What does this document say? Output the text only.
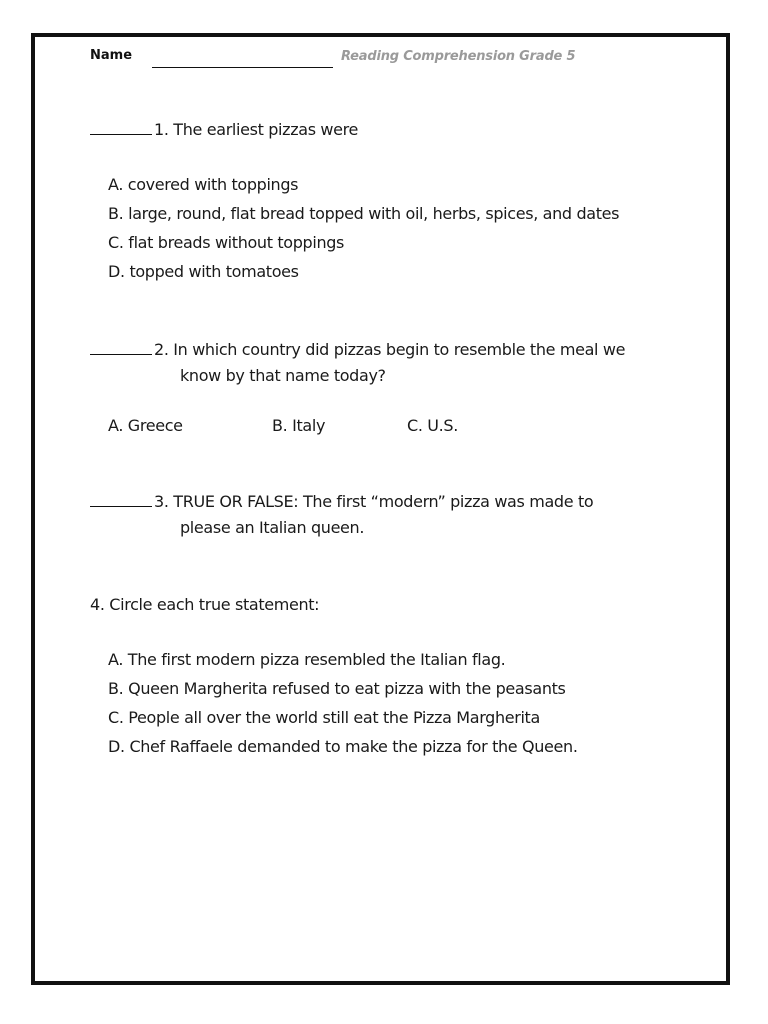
Name	Reading Comprehension Grade 5
1. The earliest pizzas were
A. covered with toppings
B. large, round, flat bread topped with oil, herbs, spices, and dates
C. flat breads without toppings
D. topped with tomatoes
2. In which country did pizzas begin to resemble the meal we
know by that name today?
A. Greece	B. Italy	C. U.S.
3. TRUE OR FALSE: The first “modern” pizza was made to
please an Italian queen.
4. Circle each true statement:
A. The first modern pizza resembled the Italian flag.
B. Queen Margherita refused to eat pizza with the peasants
C. People all over the world still eat the Pizza Margherita
D. Chef Raffaele demanded to make the pizza for the Queen.
